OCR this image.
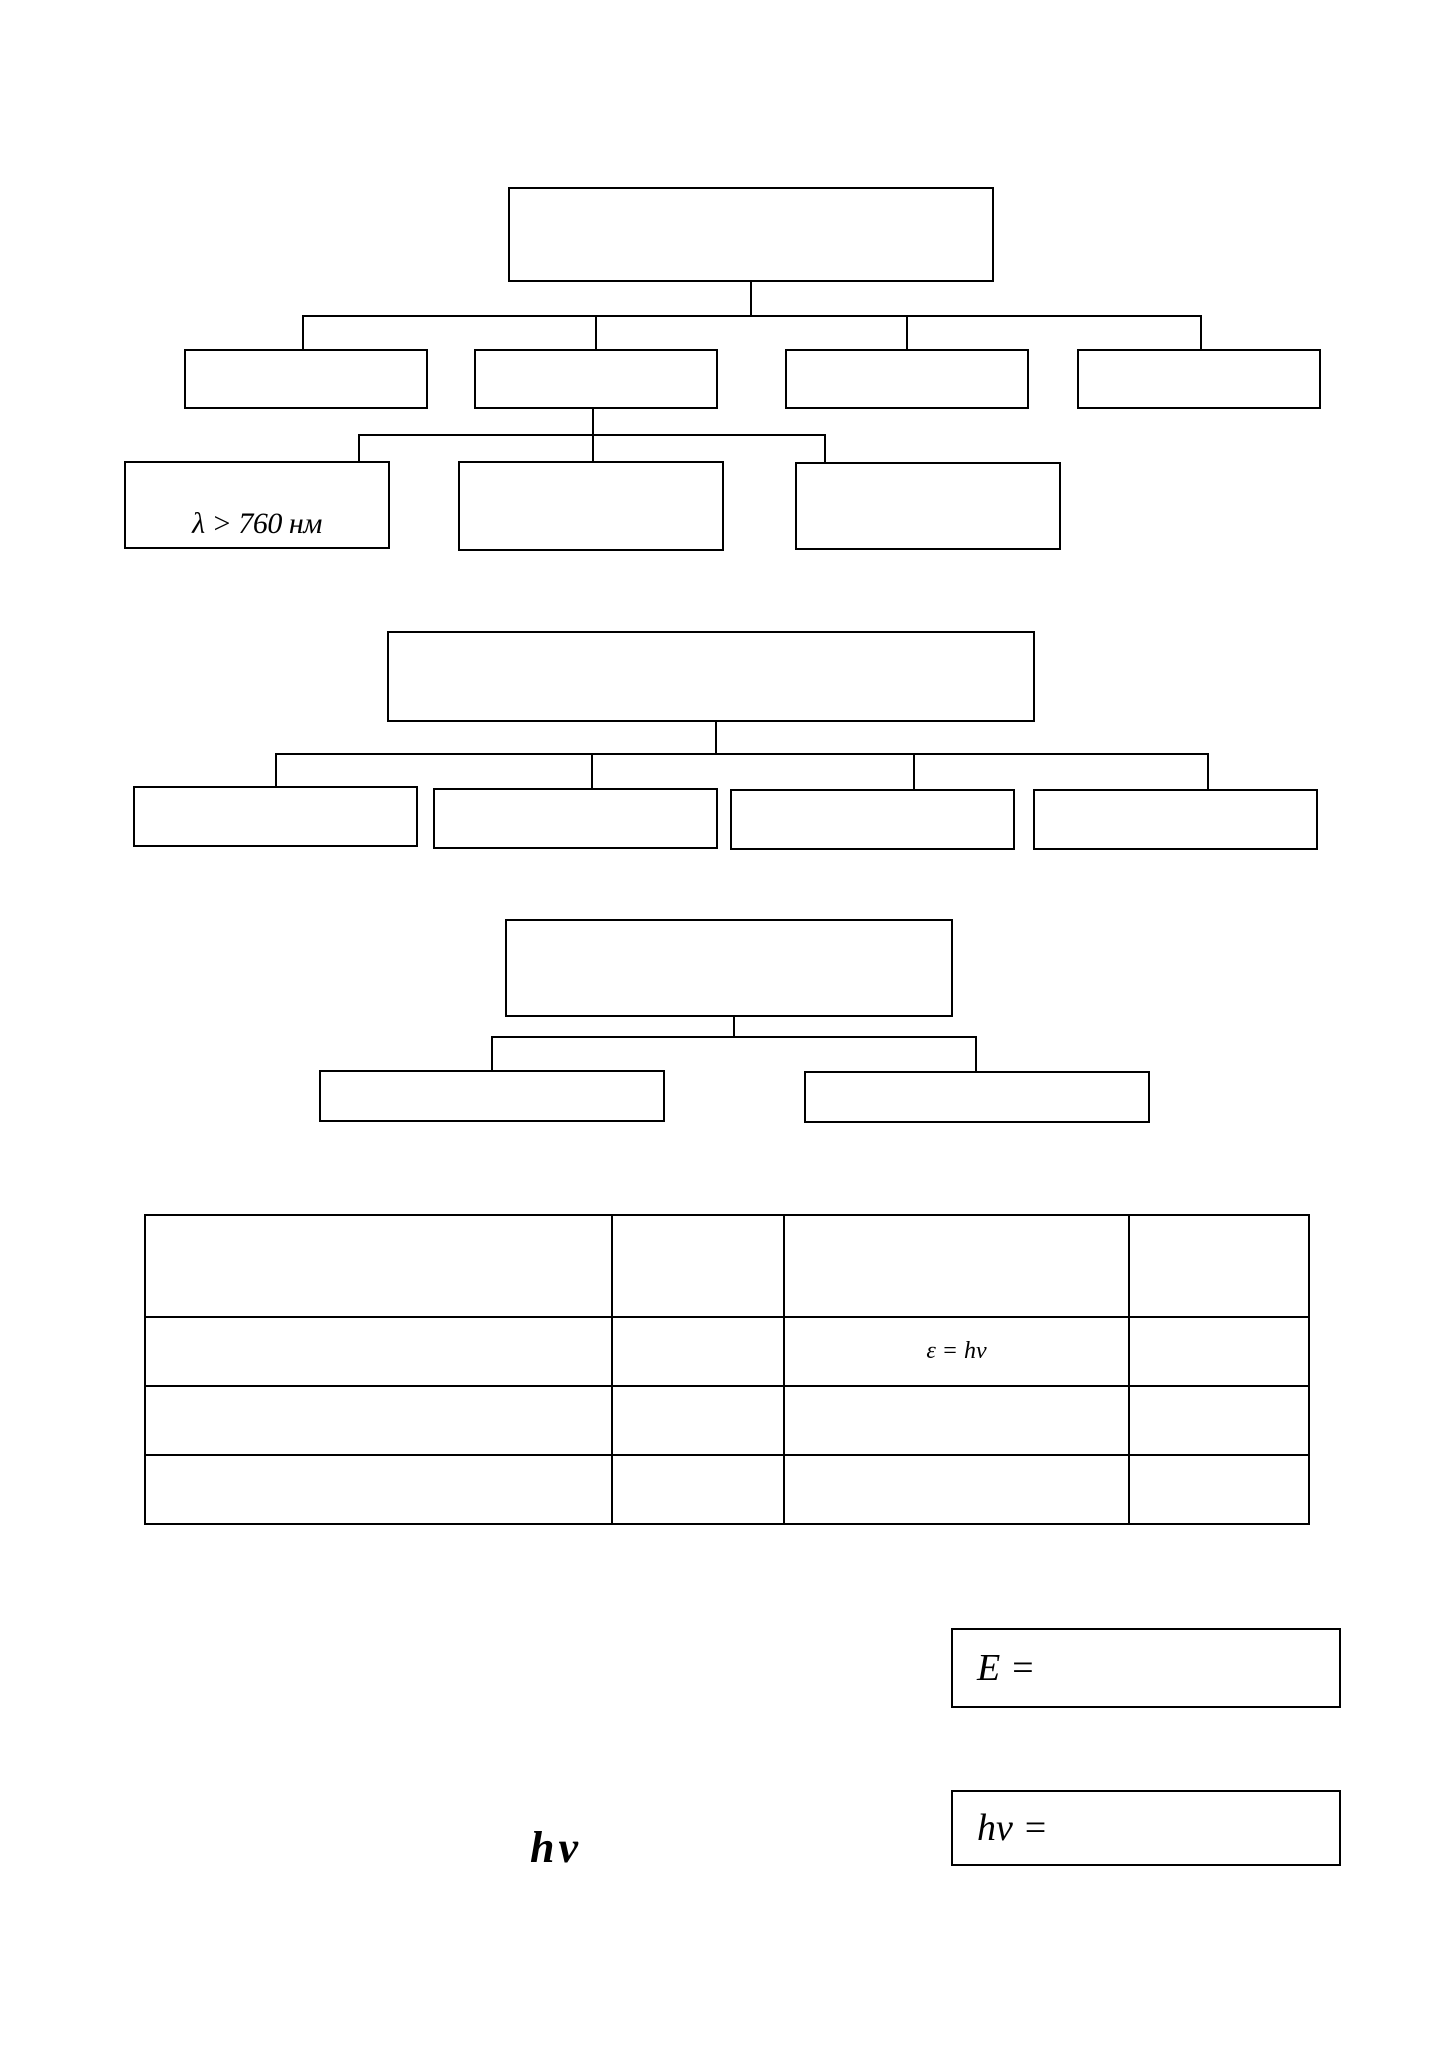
λ > 760 нм

		ε = hν	

E =
hν =
hν
